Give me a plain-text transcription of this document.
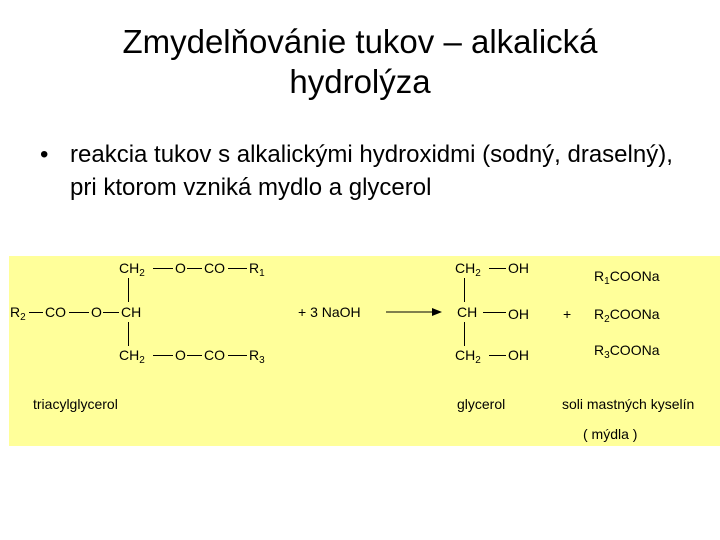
Zmydelňovánie tukov – alkalická
hydrolýza
• reakcia tukov s alkalickými hydroxidmi (sodný, draselný), pri ktorom vzniká mydlo a glycerol
$CH_2$ O CO $R_1$
$R_2$ CO O CH
$CH_2$ O CO $R_3$
+ 3 NaOH
$CH_2$ OH
CH OH
$CH_2$ OH
+
$R_1COONa$
$R_2COONa$
$R_3COONa$
triacylglycerol	glycerol	soli mastných kyselín
( mýdla )
